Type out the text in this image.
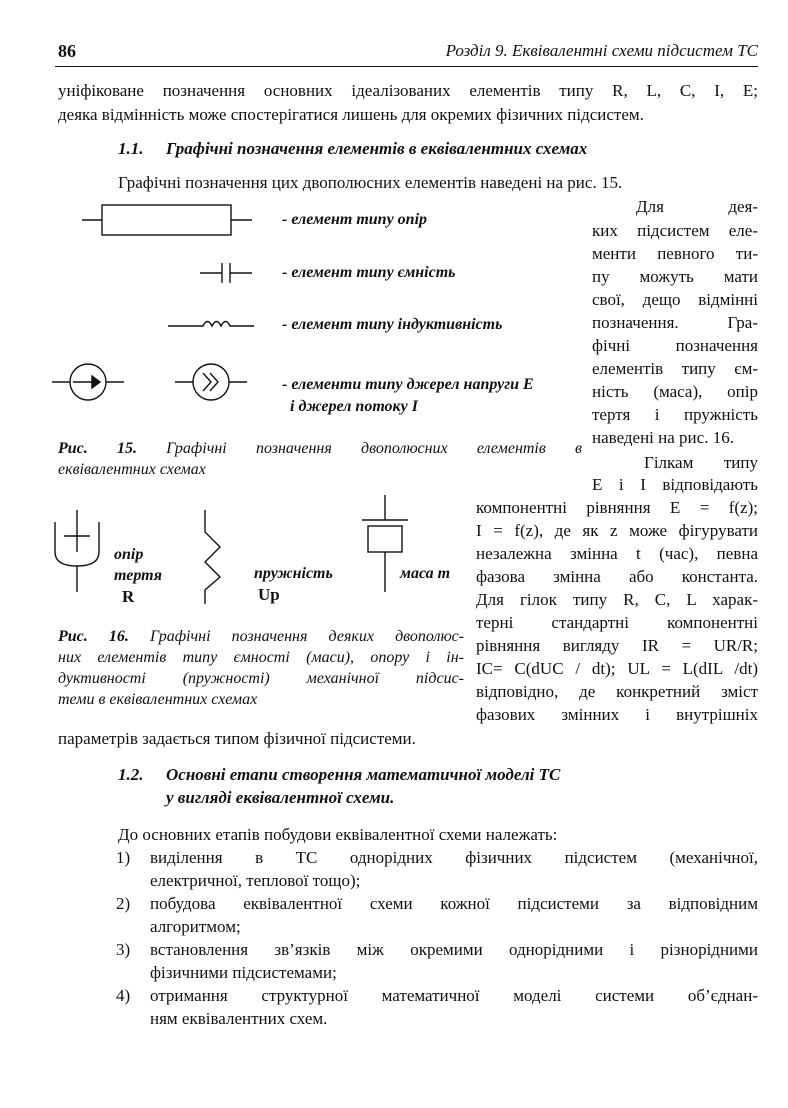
86	Розділ 9. Еквівалентні схеми підсистем ТС
уніфіковане позначення основних ідеалізованих елементів типу R, L, C, I, E;
деяка відмінність може спостерігатися лишень для окремих фізичних підсистем.
1.1. Графічні позначення елементів в еквівалентних схемах
Графічні позначення цих двополюсних елементів наведені на рис. 15.
- елемент типу опір
- елемент типу ємність
- елемент типу індуктивність
- елементи типу джерел напруги E
і джерел потоку I
Рис. 15. Графічні позначення двополюсних елементів в
еквівалентних схемах
Для дея-
ких підсистем еле-
менти певного ти-
пу можуть мати
свої, дещо відмінні
позначення. Гра-
фічні позначення
елементів типу єм-
ність (маса), опір
тертя і пружність
наведені на рис. 16.
Гілкам типу
E і I відповідають
компонентні рівняння E = f(z);
I = f(z), де як z може фігурувати
незалежна змінна t (час), певна
фазова змінна або константа.
Для гілок типу R, C, L харак-
терні стандартні компонентні
рівняння вигляду IR = UR/R;
IC= C(dUC / dt); UL = L(dIL /dt)
відповідно, де конкретний зміст
фазових змінних і внутрішніх
опір
тертя
R
пружність
Up
маса m
Рис. 16. Графічні позначення деяких двополюс-
них елементів типу ємності (маси), опору і ін-
дуктивності (пружності) механічної підсис-
теми в еквівалентних схемах
параметрів задається типом фізичної підсистеми.
1.2. Основні етапи створення математичної моделі ТС
у вигляді еквівалентної схеми.
До основних етапів побудови еквівалентної схеми належать:
1) виділення в ТС однорідних фізичних підсистем (механічної,
електричної, теплової тощо);
2) побудова еквівалентної схеми кожної підсистеми за відповідним
алгоритмом;
3) встановлення зв’язків між окремими однорідними і різнорідними
фізичними підсистемами;
4) отримання структурної математичної моделі системи об’єднан-
ням еквівалентних схем.
